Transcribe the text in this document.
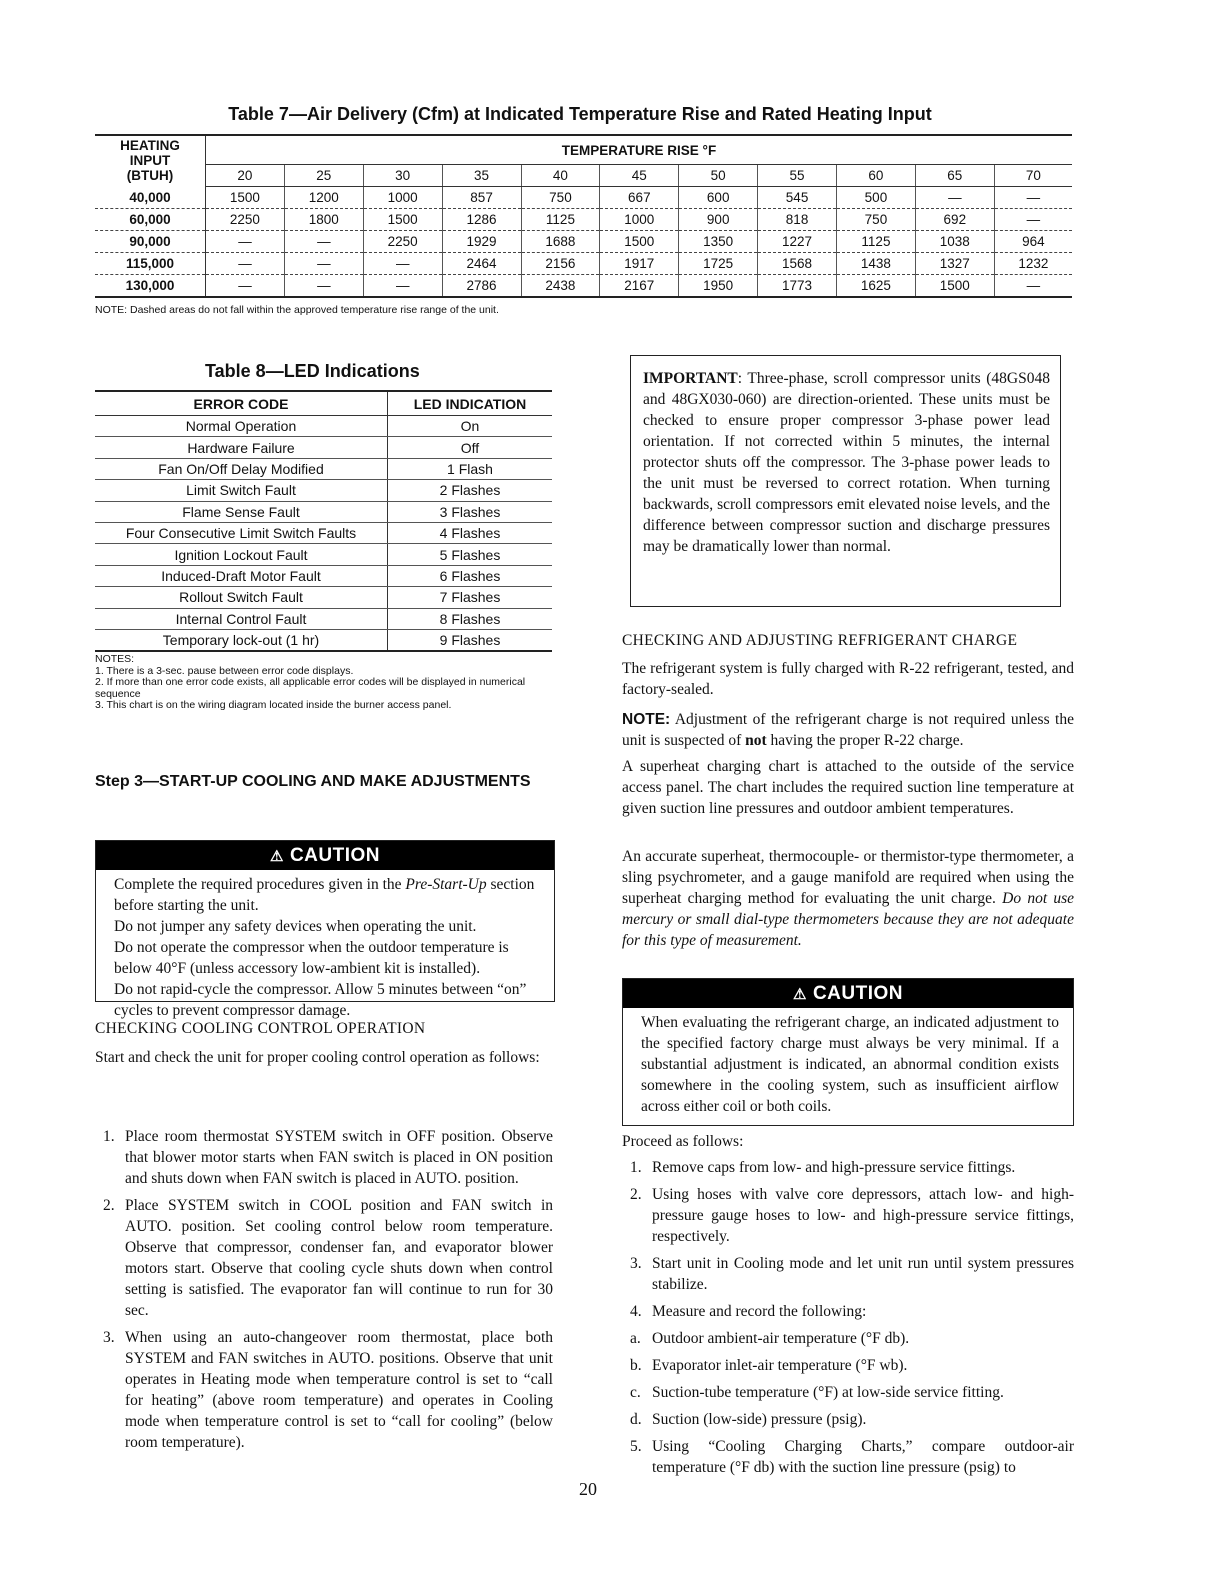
Table 7—Air Delivery (Cfm) at Indicated Temperature Rise and Rated Heating Input
HEATING
INPUT
(BTUH)	TEMPERATURE RISE °F										
	20	25	30	35	40	45	50	55	60	65	70
40,000	1500	1200	1000	857	750	667	600	545	500	—	—
60,000	2250	1800	1500	1286	1125	1000	900	818	750	692	—
90,000	—	—	2250	1929	1688	1500	1350	1227	1125	1038	964
115,000	—	—	—	2464	2156	1917	1725	1568	1438	1327	1232
130,000	—	—	—	2786	2438	2167	1950	1773	1625	1500	—
NOTE: Dashed areas do not fall within the approved temperature rise range of the unit.
Table 8—LED Indications
ERROR CODE	LED INDICATION
Normal Operation	On
Hardware Failure	Off
Fan On/Off Delay Modified	1 Flash
Limit Switch Fault	2 Flashes
Flame Sense Fault	3 Flashes
Four Consecutive Limit Switch Faults	4 Flashes
Ignition Lockout Fault	5 Flashes
Induced-Draft Motor Fault	6 Flashes
Rollout Switch Fault	7 Flashes
Internal Control Fault	8 Flashes
Temporary lock-out (1 hr)	9 Flashes
NOTES:
1. There is a 3-sec. pause between error code displays.
2. If more than one error code exists, all applicable error codes will be displayed in numerical sequence
3. This chart is on the wiring diagram located inside the burner access panel.
Step 3—START-UP COOLING AND MAKE ADJUSTMENTS
⚠ CAUTION
Complete the required procedures given in the Pre-Start-Up section before starting the unit.
Do not jumper any safety devices when operating the unit.
Do not operate the compressor when the outdoor temperature is below 40°F (unless accessory low-ambient kit is installed).
Do not rapid-cycle the compressor. Allow 5 minutes between “on” cycles to prevent compressor damage.
CHECKING COOLING CONTROL OPERATION
Start and check the unit for proper cooling control operation as follows:
1. Place room thermostat SYSTEM switch in OFF position. Observe that blower motor starts when FAN switch is placed in ON position and shuts down when FAN switch is placed in AUTO. position.
2. Place SYSTEM switch in COOL position and FAN switch in AUTO. position. Set cooling control below room temperature. Observe that compressor, condenser fan, and evaporator blower motors start. Observe that cooling cycle shuts down when control setting is satisfied. The evaporator fan will continue to run for 30 sec.
3. When using an auto-changeover room thermostat, place both SYSTEM and FAN switches in AUTO. positions. Observe that unit operates in Heating mode when temperature control is set to “call for heating” (above room temperature) and operates in Cooling mode when temperature control is set to “call for cooling” (below room temperature).
IMPORTANT: Three-phase, scroll compressor units (48GS048 and 48GX030-060) are direction-oriented. These units must be checked to ensure proper compressor 3-phase power lead orientation. If not corrected within 5 minutes, the internal protector shuts off the compressor. The 3-phase power leads to the unit must be reversed to correct rotation. When turning backwards, scroll compressors emit elevated noise levels, and the difference between compressor suction and discharge pressures may be dramatically lower than normal.
CHECKING AND ADJUSTING REFRIGERANT CHARGE
The refrigerant system is fully charged with R-22 refrigerant, tested, and factory-sealed.
NOTE: Adjustment of the refrigerant charge is not required unless the unit is suspected of not having the proper R-22 charge.
A superheat charging chart is attached to the outside of the service access panel. The chart includes the required suction line temperature at given suction line pressures and outdoor ambient temperatures.
An accurate superheat, thermocouple- or thermistor-type thermometer, a sling psychrometer, and a gauge manifold are required when using the superheat charging method for evaluating the unit charge. Do not use mercury or small dial-type thermometers because they are not adequate for this type of measurement.
⚠ CAUTION
When evaluating the refrigerant charge, an indicated adjustment to the specified factory charge must always be very minimal. If a substantial adjustment is indicated, an abnormal condition exists somewhere in the cooling system, such as insufficient airflow across either coil or both coils.
Proceed as follows:
1. Remove caps from low- and high-pressure service fittings.
2. Using hoses with valve core depressors, attach low- and high-pressure gauge hoses to low- and high-pressure service fittings, respectively.
3. Start unit in Cooling mode and let unit run until system pressures stabilize.
4. Measure and record the following:
a. Outdoor ambient-air temperature (°F db).
b. Evaporator inlet-air temperature (°F wb).
c. Suction-tube temperature (°F) at low-side service fitting.
d. Suction (low-side) pressure (psig).
5. Using “Cooling Charging Charts,” compare outdoor-air temperature (°F db) with the suction line pressure (psig) to
20
